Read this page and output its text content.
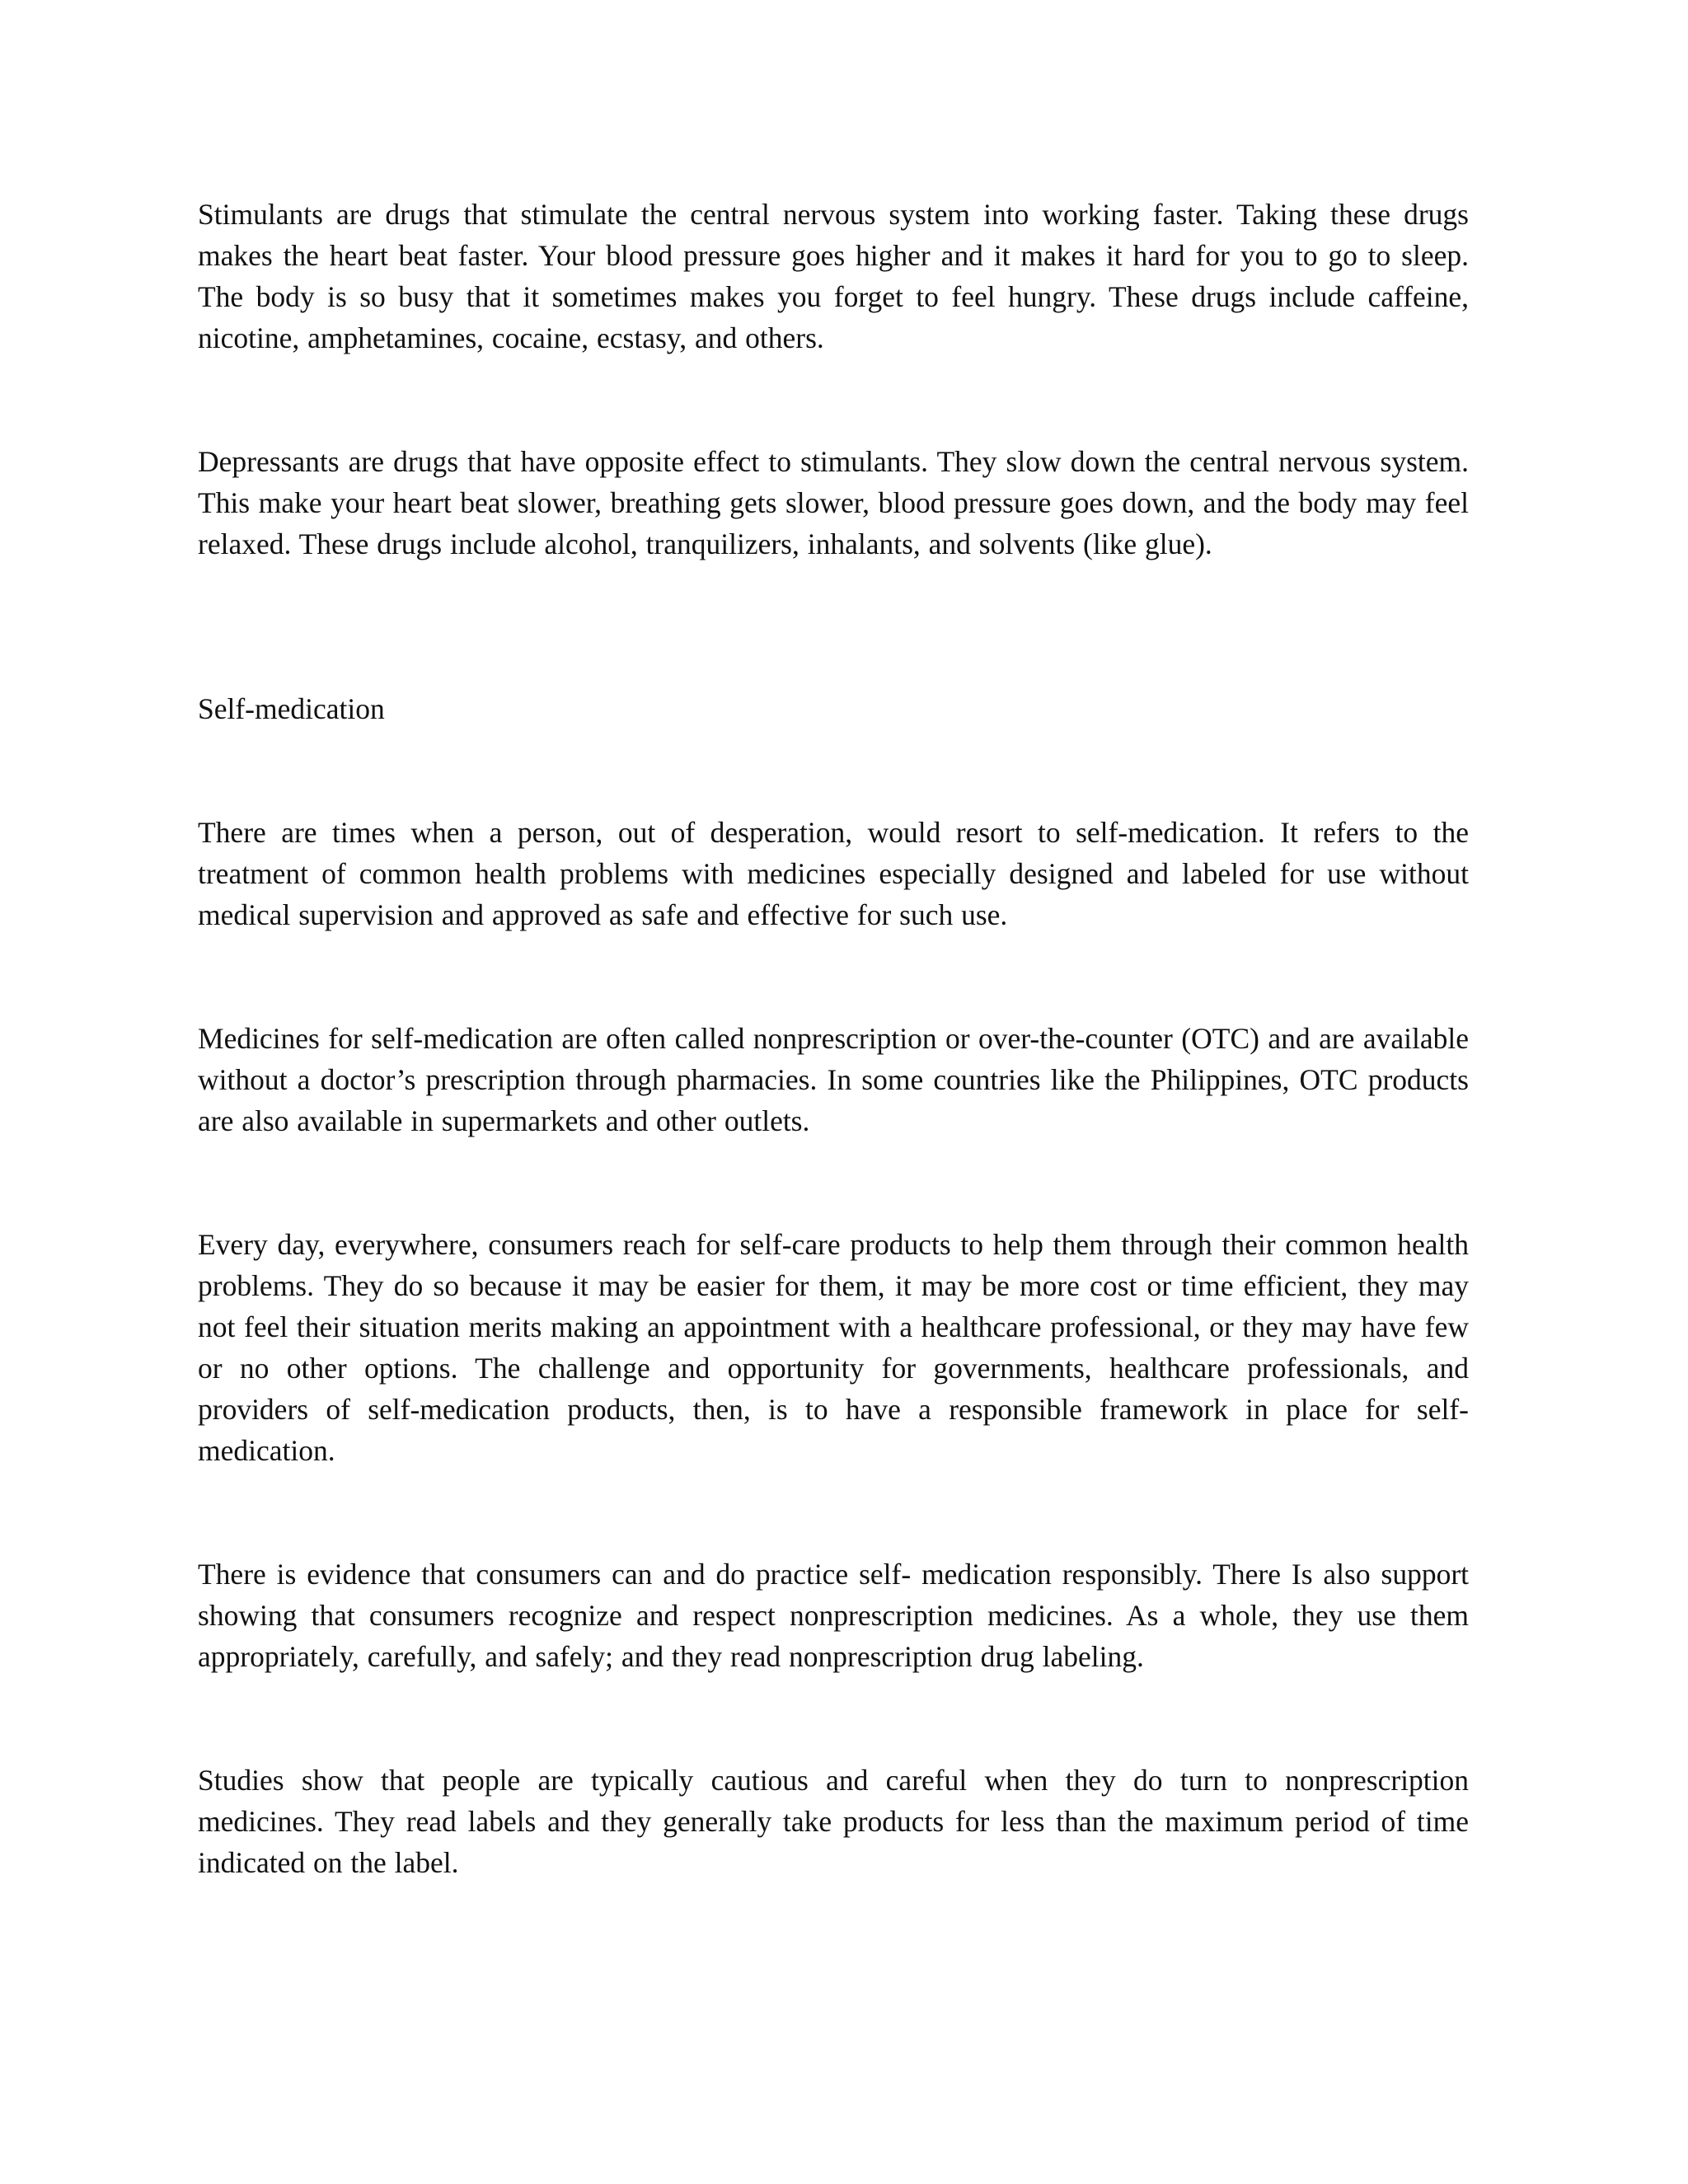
Stimulants are drugs that stimulate the central nervous system into working faster. Taking these drugs makes the heart beat faster. Your blood pressure goes higher and it makes it hard for you to go to sleep. The body is so busy that it sometimes makes you forget to feel hungry. These drugs include caffeine, nicotine, amphetamines, cocaine, ecstasy, and others.

Depressants are drugs that have opposite effect to stimulants. They slow down the central nervous system. This make your heart beat slower, breathing gets slower, blood pressure goes down, and the body may feel relaxed. These drugs include alcohol, tranquilizers, inhalants, and solvents (like glue).

Self-medication

There are times when a person, out of desperation, would resort to self-medication. It refers to the treatment of common health problems with medicines especially designed and labeled for use without medical supervision and approved as safe and effective for such use.

Medicines for self-medication are often called nonprescription or over-the-counter (OTC) and are available without a doctor’s prescription through pharmacies. In some countries like the Philippines, OTC products are also available in supermarkets and other outlets.

Every day, everywhere, consumers reach for self-care products to help them through their common health problems. They do so because it may be easier for them, it may be more cost or time efficient, they may not feel their situation merits making an appointment with a healthcare professional, or they may have few or no other options. The challenge and opportunity for governments, healthcare professionals, and providers of self-medication products, then, is to have a responsible framework in place for self-medication.

There is evidence that consumers can and do practice self- medication responsibly. There Is also support showing that consumers recognize and respect nonprescription medicines. As a whole, they use them appropriately, carefully, and safely; and they read nonprescription drug labeling.

Studies show that people are typically cautious and careful when they do turn to nonprescription medicines. They read labels and they generally take products for less than the maximum period of time indicated on the label.
